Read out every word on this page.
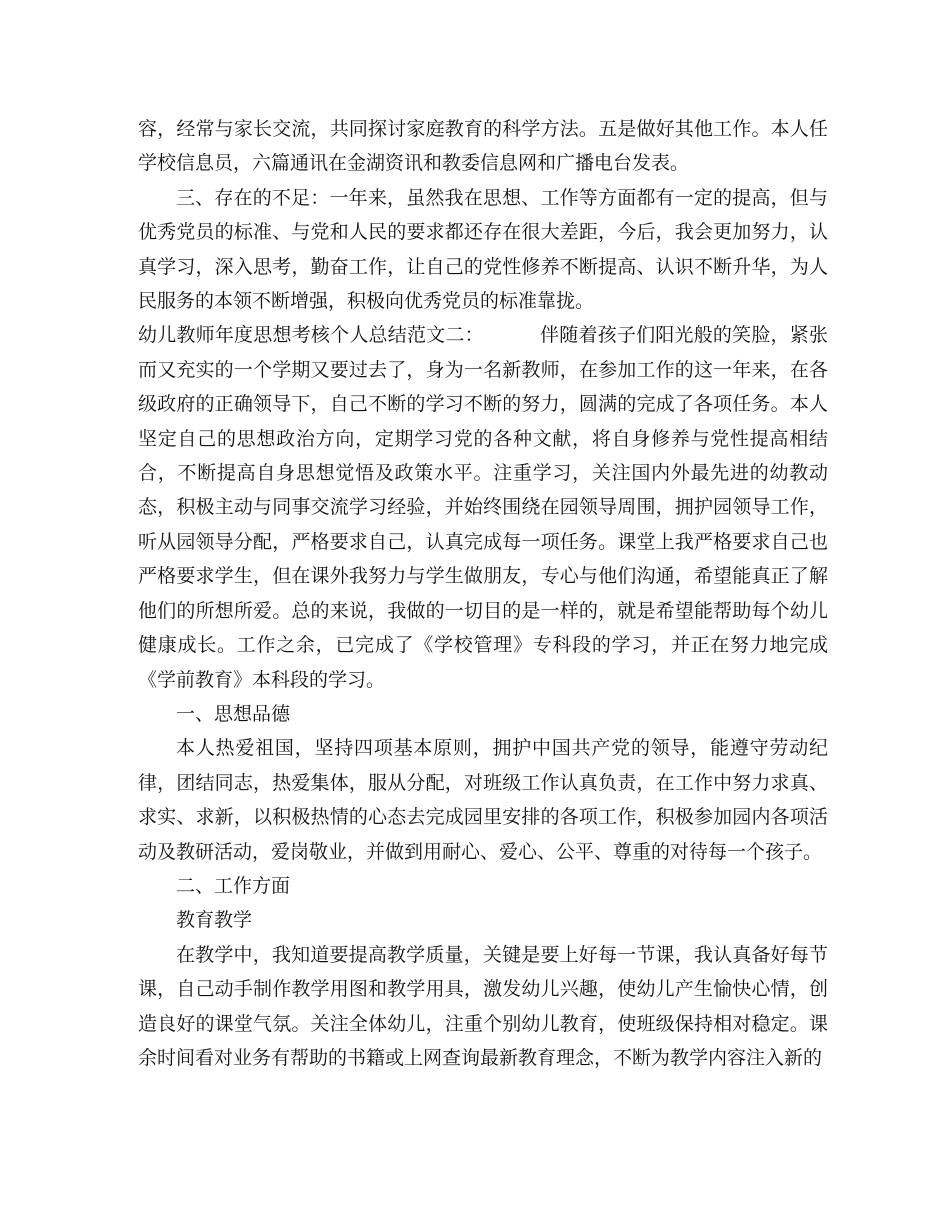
容，经常与家长交流，共同探讨家庭教育的科学方法。五是做好其他工作。本人任学校信息员，六篇通讯在金湖资讯和教委信息网和广播电台发表。

三、存在的不足：一年来，虽然我在思想、工作等方面都有一定的提高，但与优秀党员的标准、与党和人民的要求都还存在很大差距，今后，我会更加努力，认真学习，深入思考，勤奋工作，让自己的党性修养不断提高、认识不断升华，为人民服务的本领不断增强，积极向优秀党员的标准靠拢。

幼儿教师年度思想考核个人总结范文二：	伴随着孩子们阳光般的笑脸，紧张而又充实的一个学期又要过去了，身为一名新教师，在参加工作的这一年来，在各级政府的正确领导下，自己不断的学习不断的努力，圆满的完成了各项任务。本人坚定自己的思想政治方向，定期学习党的各种文献，将自身修养与党性提高相结合，不断提高自身思想觉悟及政策水平。注重学习，关注国内外最先进的幼教动态，积极主动与同事交流学习经验，并始终围绕在园领导周围，拥护园领导工作，听从园领导分配，严格要求自己，认真完成每一项任务。课堂上我严格要求自己也严格要求学生，但在课外我努力与学生做朋友，专心与他们沟通，希望能真正了解他们的所想所爱。总的来说，我做的一切目的是一样的，就是希望能帮助每个幼儿健康成长。工作之余，已完成了《学校管理》专科段的学习，并正在努力地完成《学前教育》本科段的学习。

一、思想品德

本人热爱祖国，坚持四项基本原则，拥护中国共产党的领导，能遵守劳动纪律，团结同志，热爱集体，服从分配，对班级工作认真负责，在工作中努力求真、求实、求新，以积极热情的心态去完成园里安排的各项工作，积极参加园内各项活动及教研活动，爱岗敬业，并做到用耐心、爱心、公平、尊重的对待每一个孩子。

二、工作方面

教育教学

在教学中，我知道要提高教学质量，关键是要上好每一节课，我认真备好每节课，自己动手制作教学用图和教学用具，激发幼儿兴趣，使幼儿产生愉快心情，创造良好的课堂气氛。关注全体幼儿，注重个别幼儿教育，使班级保持相对稳定。课余时间看对业务有帮助的书籍或上网查询最新教育理念，不断为教学内容注入新的
